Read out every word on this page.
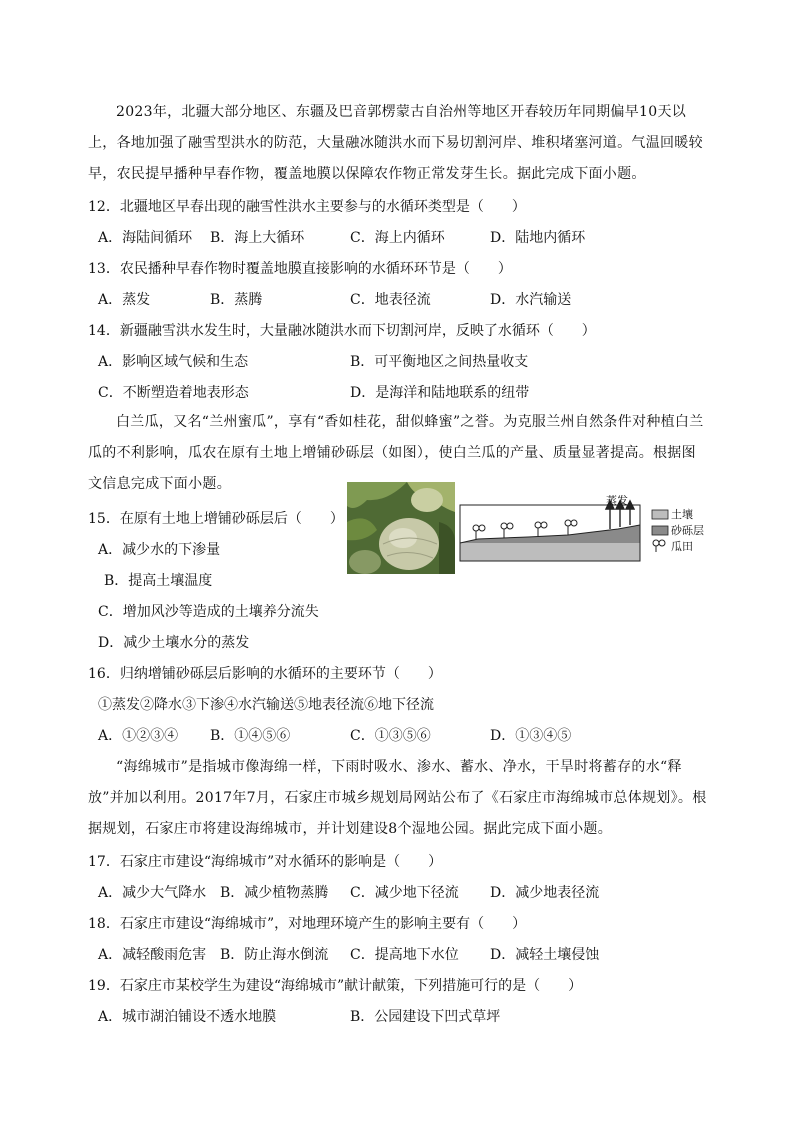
2023年，北疆大部分地区、东疆及巴音郭楞蒙古自治州等地区开春较历年同期偏早10天以上，各地加强了融雪型洪水的防范，大量融冰随洪水而下易切割河岸、堆积堵塞河道。气温回暖较早，农民提早播种早春作物，覆盖地膜以保障农作物正常发芽生长。据此完成下面小题。
12．北疆地区早春出现的融雪性洪水主要参与的水循环类型是（　　）
A．海陆间循环 B．海上大循环	C．海上内循环	D．陆地内循环
13．农民播种早春作物时覆盖地膜直接影响的水循环环节是（　　）
A．蒸发	B．蒸腾	C．地表径流	D．水汽输送
14．新疆融雪洪水发生时，大量融冰随洪水而下切割河岸，反映了水循环（　　）
A．影响区域气候和生态	B．可平衡地区之间热量收支
C．不断塑造着地表形态	D．是海洋和陆地联系的纽带
白兰瓜，又名“兰州蜜瓜”，享有“香如桂花，甜似蜂蜜”之誉。为克服兰州自然条件对种植白兰瓜的不利影响，瓜农在原有土地上增铺砂砾层（如图），使白兰瓜的产量、质量显著提高。根据图文信息完成下面小题。
蒸发
土壤
砂砾层
瓜田
15．在原有土地上增铺砂砾层后（　　）
A．减少水的下渗量
B．提高土壤温度
C．增加风沙等造成的土壤养分流失
D．减少土壤水分的蒸发
16．归纳增铺砂砾层后影响的水循环的主要环节（　　）
①蒸发②降水③下渗④水汽输送⑤地表径流⑥地下径流
A．①②③④ B．①④⑤⑥	C．①③⑤⑥	D．①③④⑤
“海绵城市”是指城市像海绵一样，下雨时吸水、渗水、蓄水、净水，干旱时将蓄存的水“释放”并加以利用。2017年7月，石家庄市城乡规划局网站公布了《石家庄市海绵城市总体规划》。根据规划，石家庄市将建设海绵城市，并计划建设8个湿地公园。据此完成下面小题。
17．石家庄市建设“海绵城市”对水循环的影响是（　　）
A．减少大气降水 B．减少植物蒸腾 C．减少地下径流 D．减少地表径流
18．石家庄市建设“海绵城市”，对地理环境产生的影响主要有（　　）
A．减轻酸雨危害 B．防止海水倒流 C．提高地下水位 D．减轻土壤侵蚀
19．石家庄市某校学生为建设“海绵城市”献计献策，下列措施可行的是（　　）
A．城市湖泊铺设不透水地膜	B．公园建设下凹式草坪
